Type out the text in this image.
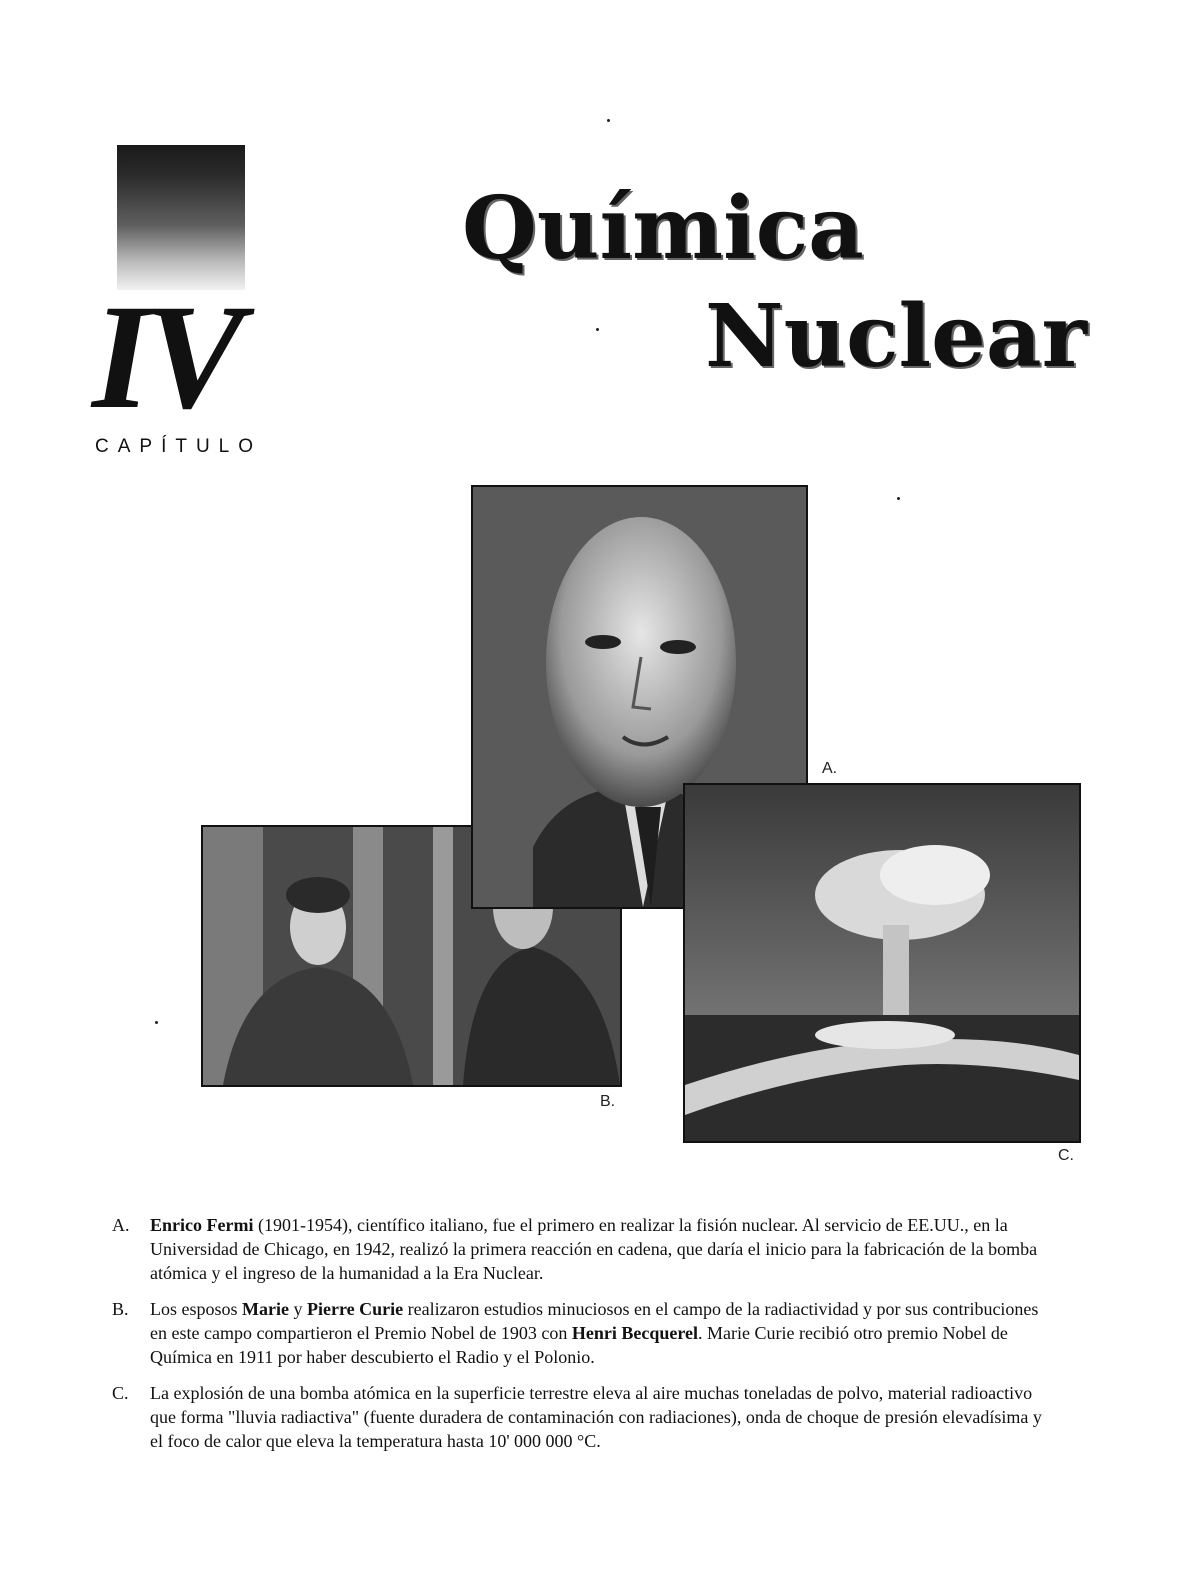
IV
CAPÍTULO
Química
Nuclear
A.
B.
C.
A.	Enrico Fermi (1901-1954), científico italiano, fue el primero en realizar la fisión nuclear. Al servicio de EE.UU., en la Universidad de Chicago, en 1942, realizó la primera reacción en cadena, que daría el inicio para la fabricación de la bomba atómica y el ingreso de la humanidad a la Era Nuclear.
B.	Los esposos Marie y Pierre Curie realizaron estudios minuciosos en el campo de la radiactividad y por sus contribuciones en este campo compartieron el Premio Nobel de 1903 con Henri Becquerel. Marie Curie recibió otro premio Nobel de Química en 1911 por haber descubierto el Radio y el Polonio.
C.	La explosión de una bomba atómica en la superficie terrestre eleva al aire muchas toneladas de polvo, material radioactivo que forma "lluvia radiactiva" (fuente duradera de contaminación con radiaciones), onda de choque de presión elevadísima y el foco de calor que eleva la temperatura hasta 10' 000 000 °C.
